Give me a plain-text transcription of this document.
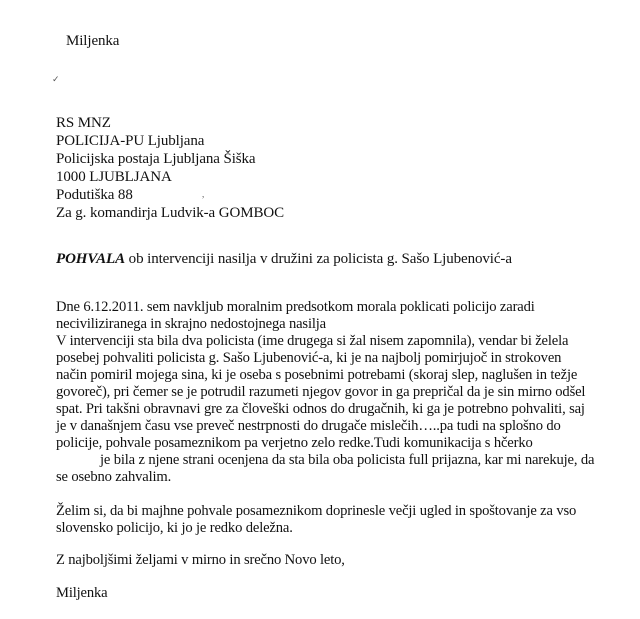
Miljenka
✓
,
RS MNZ
POLICIJA-PU Ljubljana
Policijska postaja Ljubljana Šiška
1000 LJUBLJANA
Podutiška 88
Za g. komandirja Ludvik-a GOMBOC
POHVALA ob intervenciji nasilja v družini za policista g. Sašo Ljubenović-a
Dne 6.12.2011. sem navkljub moralnim predsotkom morala poklicati policijo zaradi
neciviliziranega in skrajno nedostojnega nasilja
V intervenciji sta bila dva policista (ime drugega si žal nisem zapomnila), vendar bi želela
posebej pohvaliti policista g. Sašo Ljubenović-a, ki je na najbolj pomirjujoč in strokoven
način pomiril mojega sina, ki je oseba s posebnimi potrebami (skoraj slep, naglušen in težje
govoreč), pri čemer se je potrudil razumeti njegov govor in ga prepričal da je sin mirno odšel
spat. Pri takšni obravnavi gre za človeški odnos do drugačnih, ki ga je potrebno pohvaliti, saj
je v današnjem času vse preveč nestrpnosti do drugače mislečih…..pa tudi na splošno do
policije, pohvale posameznikom pa verjetno zelo redke.Tudi komunikacija s hčerko
je bila z njene strani ocenjena da sta bila oba policista full prijazna, kar mi narekuje, da
se osebno zahvalim.
Želim si, da bi majhne pohvale posameznikom doprinesle večji ugled in spoštovanje za vso
slovensko policijo, ki jo je redko deležna.
Z najboljšimi željami v mirno in srečno Novo leto,
Miljenka
